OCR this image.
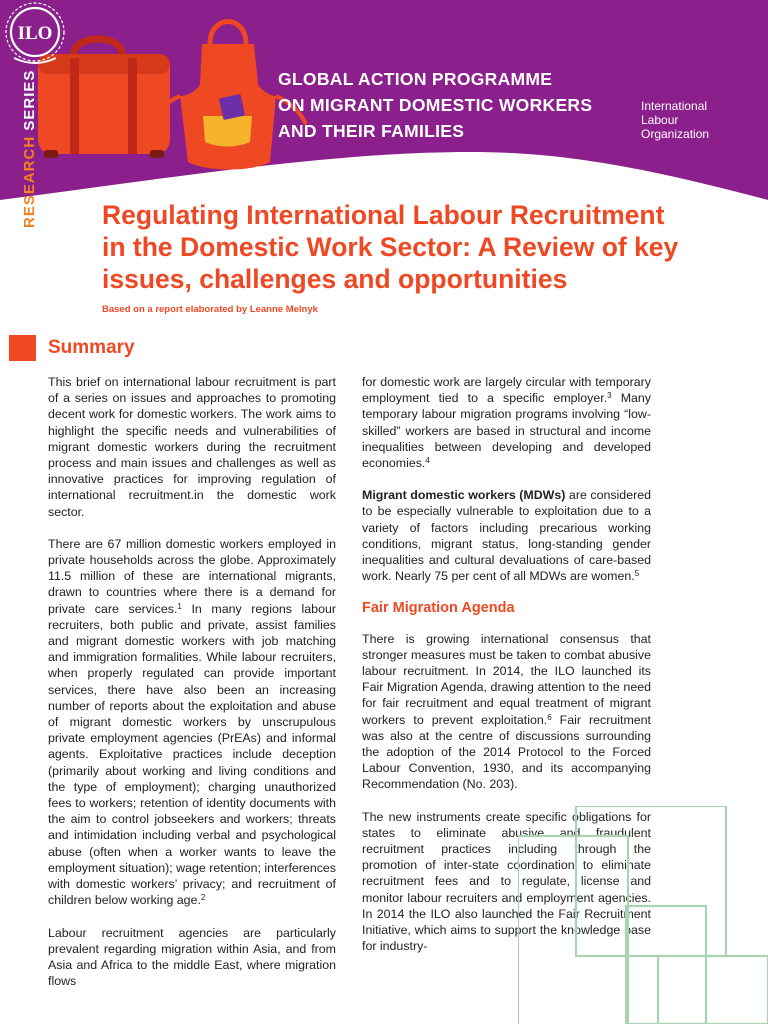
RESEARCH SERIES	GLOBAL ACTION PROGRAMME
ON MIGRANT DOMESTIC WORKERS
AND THEIR FAMILIES
ILO
International
Labour
Organization
Regulating International Labour Recruitment
in the Domestic Work Sector: A Review of key
issues, challenges and opportunities
Based on a report elaborated by Leanne Melnyk
Summary

This brief on international labour recruitment is part of a series on issues and approaches to promoting decent work for domestic workers. The work aims to highlight the specific needs and vulnerabilities of migrant domestic workers during the recruitment process and main issues and challenges as well as innovative practices for improving regulation of international recruitment.in the domestic work sector.

There are 67 million domestic workers employed in private households across the globe. Approximately 11.5 million of these are international migrants, drawn to countries where there is a demand for private care services.$^1$ In many regions labour recruiters, both public and private, assist families and migrant domestic workers with job matching and immigration formalities. While labour recruiters, when properly regulated can provide important services, there have also been an increasing number of reports about the exploitation and abuse of migrant domestic workers by unscrupulous private employment agencies (PrEAs) and informal agents. Exploitative practices include deception (primarily about working and living conditions and the type of employment); charging unauthorized fees to workers; retention of identity documents with the aim to control jobseekers and workers; threats and intimidation including verbal and psychological abuse (often when a worker wants to leave the employment situation); wage retention; interferences with domestic workers’ privacy; and recruitment of children below working age.$^2$

Labour recruitment agencies are particularly prevalent regarding migration within Asia, and from Asia and Africa to the middle East, where migration flows

for domestic work are largely circular with temporary employment tied to a specific employer.$^3$ Many temporary labour migration programs involving “low-skilled” workers are based in structural and income inequalities between developing and developed economies.$^4$

Migrant domestic workers (MDWs) are considered to be especially vulnerable to exploitation due to a variety of factors including precarious working conditions, migrant status, long-standing gender inequalities and cultural devaluations of care-based work. Nearly 75 per cent of all MDWs are women.$^5$

Fair Migration Agenda

There is growing international consensus that stronger measures must be taken to combat abusive labour recruitment. In 2014, the ILO launched its Fair Migration Agenda, drawing attention to the need for fair recruitment and equal treatment of migrant workers to prevent exploitation.$^6$ Fair recruitment was also at the centre of discussions surrounding the adoption of the 2014 Protocol to the Forced Labour Convention, 1930, and its accompanying Recommendation (No. 203).

The new instruments create specific obligations for states to eliminate abusive and fraudulent recruitment practices including through the promotion of inter-state coordination to eliminate recruitment fees and to regulate, license and monitor labour recruiters and employment agencies. In 2014 the ILO also launched the Fair Recruitment Initiative, which aims to support the knowledge base for industry-
